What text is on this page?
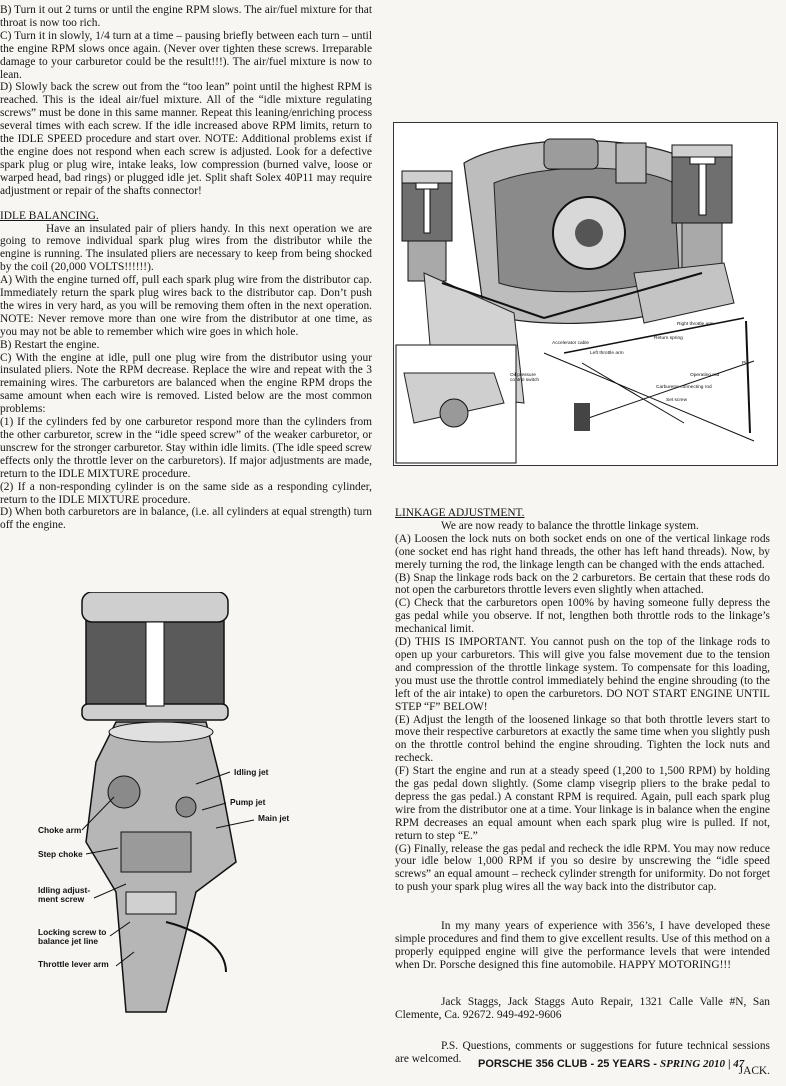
B) Turn it out 2 turns or until the engine RPM slows. The air/fuel mixture for that throat is now too rich.

C) Turn it in slowly, 1/4 turn at a time – pausing briefly between each turn – until the engine RPM slows once again. (Never over tighten these screws. Irreparable damage to your carburetor could be the result!!!). The air/fuel mixture is now to lean.

D) Slowly back the screw out from the “too lean” point until the highest RPM is reached. This is the ideal air/fuel mixture. All of the “idle mixture regulating screws” must be done in this same manner. Repeat this leaning/enriching process several times with each screw. If the idle increased above RPM limits, return to the IDLE SPEED procedure and start over. NOTE: Additional problems exist if the engine does not respond when each screw is adjusted. Look for a defective spark plug or plug wire, intake leaks, low compression (burned valve, loose or warped head, bad rings) or plugged idle jet. Split shaft Solex 40P11 may require adjustment or repair of the shafts connector!

IDLE BALANCING.

Have an insulated pair of pliers handy. In this next operation we are going to remove individual spark plug wires from the distributor while the engine is running. The insulated pliers are necessary to keep from being shocked by the coil (20,000 VOLTS!!!!!!).

A) With the engine turned off, pull each spark plug wire from the distributor cap. Immediately return the spark plug wires back to the distributor cap. Don’t push the wires in very hard, as you will be removing them often in the next operation. NOTE: Never remove more than one wire from the distributor at one time, as you may not be able to remember which wire goes in which hole.

B) Restart the engine.

C) With the engine at idle, pull one plug wire from the distributor using your insulated pliers. Note the RPM decrease. Replace the wire and repeat with the 3 remaining wires. The carburetors are balanced when the engine RPM drops the same amount when each wire is removed. Listed below are the most common problems:

(1) If the cylinders fed by one carburetor respond more than the cylinders from the other carburetor, screw in the “idle speed screw” of the weaker carburetor, or unscrew for the stronger carburetor. Stay within idle limits. (The idle speed screw effects only the throttle lever on the carburetors). If major adjustments are made, return to the IDLE MIXTURE procedure.

(2) If a non-responding cylinder is on the same side as a responding cylinder, return to the IDLE MIXTURE procedure.

D) When both carburetors are in balance, (i.e. all cylinders at equal strength) turn off the engine.

Right throttle arm
Return spring
Accelerator cable
Left throttle arm
Pin
Operating rod
Oil pressure control switch
Carburetor connecting rod
Set screw
Idling jet
Pump jet
Main jet
Choke arm
Step choke
Idling adjust-ment screw
Locking screw to balance jet line
Throttle lever arm

LINKAGE ADJUSTMENT.

We are now ready to balance the throttle linkage system.

(A) Loosen the lock nuts on both socket ends on one of the vertical linkage rods (one socket end has right hand threads, the other has left hand threads). Now, by merely turning the rod, the linkage length can be changed with the ends attached.

(B) Snap the linkage rods back on the 2 carburetors. Be certain that these rods do not open the carburetors throttle levers even slightly when attached.

(C) Check that the carburetors open 100% by having someone fully depress the gas pedal while you observe. If not, lengthen both throttle rods to the linkage’s mechanical limit.

(D) THIS IS IMPORTANT. You cannot push on the top of the linkage rods to open up your carburetors. This will give you false movement due to the tension and compression of the throttle linkage system. To compensate for this loading, you must use the throttle control immediately behind the engine shrouding (to the left of the air intake) to open the carburetors. DO NOT START ENGINE UNTIL STEP “F” BELOW!

(E) Adjust the length of the loosened linkage so that both throttle levers start to move their respective carburetors at exactly the same time when you slightly push on the throttle control behind the engine shrouding. Tighten the lock nuts and recheck.

(F) Start the engine and run at a steady speed (1,200 to 1,500 RPM) by holding the gas pedal down slightly. (Some clamp visegrip pliers to the brake pedal to depress the gas pedal.) A constant RPM is required. Again, pull each spark plug wire from the distributor one at a time. Your linkage is in balance when the engine RPM decreases an equal amount when each spark plug wire is pulled. If not, return to step “E.”

(G) Finally, release the gas pedal and recheck the idle RPM. You may now reduce your idle below 1,000 RPM if you so desire by unscrewing the “idle speed screws” an equal amount – recheck cylinder strength for uniformity. Do not forget to push your spark plug wires all the way back into the distributor cap.

In my many years of experience with 356’s, I have developed these simple procedures and find them to give excellent results. Use of this method on a properly equipped engine will give the performance levels that were intended when Dr. Porsche designed this fine automobile. HAPPY MOTORING!!!

Jack Staggs, Jack Staggs Auto Repair, 1321 Calle Valle #N, San Clemente, Ca. 92672. 949-492-9606

P.S. Questions, comments or suggestions for future technical sessions are welcomed.

JACK.

PORSCHE 356 CLUB - 25 YEARS - SPRING 2010 | 47
